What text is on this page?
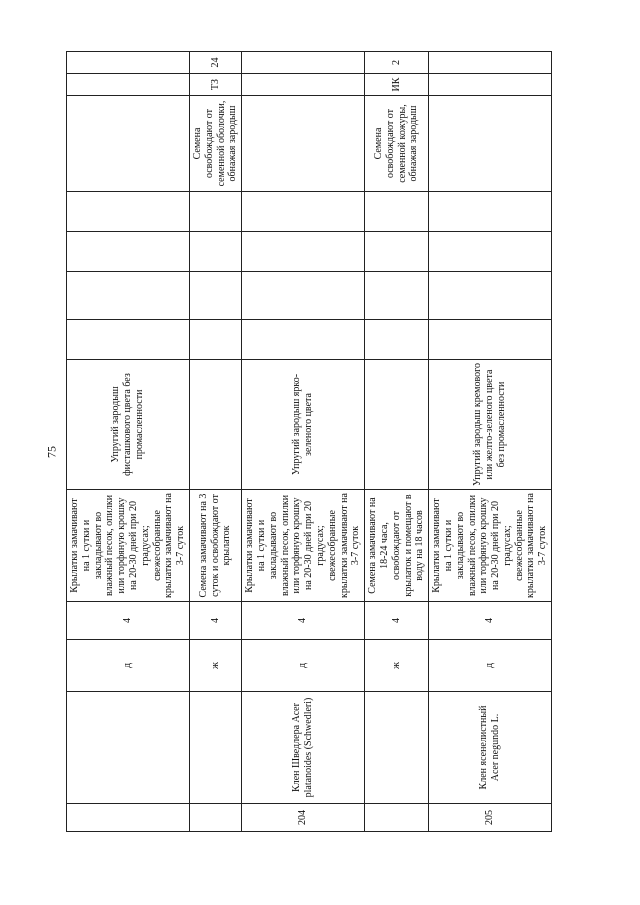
75
		д	4	Крылатки замачивают на 1 сутки и закладывают во влажный песок, опилки или торфяную крошку на 20-30 дней при 20 градусах; свежесобранные крылатки замачивают на 3-7 суток	Упругий зародыш фисташкового цвета без промасленности							
		ж	4	Семена замачивают на 3 суток и освобождают от крылаток						Семена освобождают от семенной оболочки, обнажая зародыш	ТЗ	24
204	Клен Шведлера Acer platanoides (Schwedleri)	д	4	Крылатки замачивают на 1 сутки и закладывают во влажный песок, опилки или торфяную крошку на 20-30 дней при 20 градусах; свежесобранные крылатки замачивают на 3-7 суток	Упругий зародыш ярко-зеленого цвета							
		ж	4	Семена замачивают на 18-24 часа, освобождают от крылаток и помещают в воду на 18 часов						Семена освобождают от семенной кожуры, обнажая зародыш	ИК	2
205	Клен ясенелистный Acer negundo L.	д	4	Крылатки замачивают на 1 сутки и закладывают во влажный песок, опилки или торфяную крошку на 20-30 дней при 20 градусах; свежесобранные крылатки замачивают на 3-7 суток	Упругий зародыш кремового или желто-зеленого цвета без промасленности							
